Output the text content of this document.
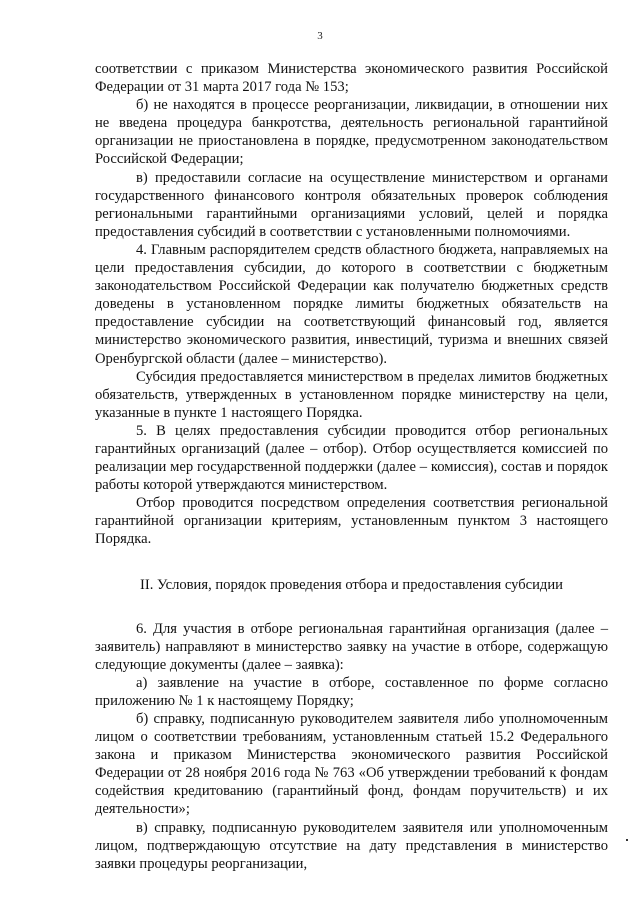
3

соответствии с приказом Министерства экономического развития Российской Федерации от 31 марта 2017 года № 153;

б) не находятся в процессе реорганизации, ликвидации, в отношении них не введена процедура банкротства, деятельность региональной гарантийной организации не приостановлена в порядке, предусмотренном законодательством Российской Федерации;

в) предоставили согласие на осуществление министерством и органами государственного финансового контроля обязательных проверок соблюдения региональными гарантийными организациями условий, целей и порядка предоставления субсидий в соответствии с установленными полномочиями.

4. Главным распорядителем средств областного бюджета, направляемых на цели предоставления субсидии, до которого в соответствии с бюджетным законодательством Российской Федерации как получателю бюджетных средств доведены в установленном порядке лимиты бюджетных обязательств на предоставление субсидии на соответствующий финансовый год, является министерство экономического развития, инвестиций, туризма и внешних связей Оренбургской области (далее – министерство).

Субсидия предоставляется министерством в пределах лимитов бюджетных обязательств, утвержденных в установленном порядке министерству на цели, указанные в пункте 1 настоящего Порядка.

5. В целях предоставления субсидии проводится отбор региональных гарантийных организаций (далее – отбор). Отбор осуществляется комиссией по реализации мер государственной поддержки (далее – комиссия), состав и порядок работы которой утверждаются министерством.

Отбор проводится посредством определения соответствия региональной гарантийной организации критериям, установленным пунктом 3 настоящего Порядка.

II. Условия, порядок проведения отбора и предоставления субсидии

6. Для участия в отборе региональная гарантийная организация (далее – заявитель) направляют в министерство заявку на участие в отборе, содержащую следующие документы (далее – заявка):

а) заявление на участие в отборе, составленное по форме согласно приложению № 1 к настоящему Порядку;

б) справку, подписанную руководителем заявителя либо уполномоченным лицом о соответствии требованиям, установленным статьей 15.2 Федерального закона и приказом Министерства экономического развития Российской Федерации от 28 ноября 2016 года № 763 «Об утверждении требований к фондам содействия кредитованию (гарантийный фонд, фондам поручительств) и их деятельности»;

в) справку, подписанную руководителем заявителя или уполномоченным лицом, подтверждающую отсутствие на дату представления в министерство заявки процедуры реорганизации,
